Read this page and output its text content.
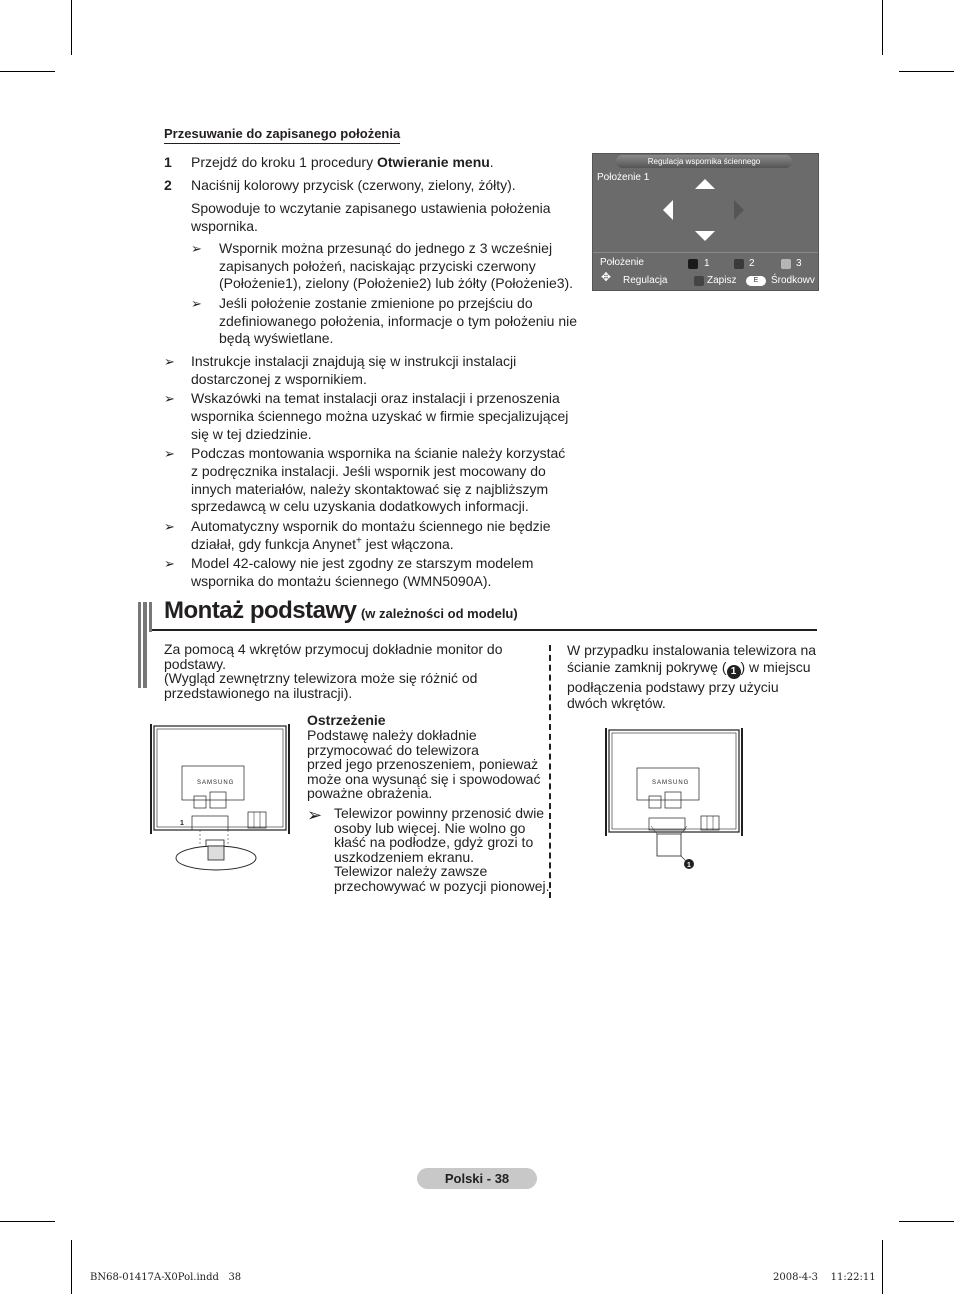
Przesuwanie do zapisanego położenia
1 Przejdź do kroku 1 procedury Otwieranie menu.
2 Naciśnij kolorowy przycisk (czerwony, zielony, żółty).
Spowoduje to wczytanie zapisanego ustawienia położenia
wspornika.
➢ Wspornik można przesunąć do jednego z 3 wcześniej
zapisanych położeń, naciskając przyciski czerwony
(Położenie1), zielony (Położenie2) lub żółty (Położenie3).
➢ Jeśli położenie zostanie zmienione po przejściu do
zdefiniowanego położenia, informacje o tym położeniu nie
będą wyświetlane.
➢ Instrukcje instalacji znajdują się w instrukcji instalacji
dostarczonej z wspornikiem.
➢ Wskazówki na temat instalacji oraz instalacji i przenoszenia
wspornika ściennego można uzyskać w firmie specjalizującej
się w tej dziedzinie.
➢ Podczas montowania wspornika na ścianie należy korzystać
z podręcznika instalacji. Jeśli wspornik jest mocowany do
innych materiałów, należy skontaktować się z najbliższym
sprzedawcą w celu uzyskania dodatkowych informacji.
➢ Automatyczny wspornik do montażu ściennego nie będzie
działał, gdy funkcja Anynet+ jest włączona.
➢ Model 42-calowy nie jest zgodny ze starszym modelem
wspornika do montażu ściennego (WMN5090A).
Regulacja wspornika ściennego
Położenie 1
Położenie	1	2	3
✥ Regulacja	Zapisz	E	Środkowv
Montaż podstawy (w zależności od modelu)
Za pomocą 4 wkrętów przymocuj dokładnie monitor do
podstawy.
(Wygląd zewnętrzny telewizora może się różnić od
przedstawionego na ilustracji).
1
SAMSUNG
Ostrzeżenie
Podstawę należy dokładnie
przymocować do telewizora
przed jego przenoszeniem, ponieważ
może ona wysunąć się i spowodować
poważne obrażenia.
➢ Telewizor powinny przenosić dwie
osoby lub więcej. Nie wolno go
kłaść na podłodze, gdyż grozi to
uszkodzeniem ekranu.
Telewizor należy zawsze
przechowywać w pozycji pionowej.
W przypadku instalowania telewizora na
ścianie zamknij pokrywę ( 1 ) w miejscu
podłączenia podstawy przy użyciu
dwóch wkrętów.
1
SAMSUNG
Polski - 38
BN68-01417A-X0Pol.indd   38	2008-4-3    11:22:11
